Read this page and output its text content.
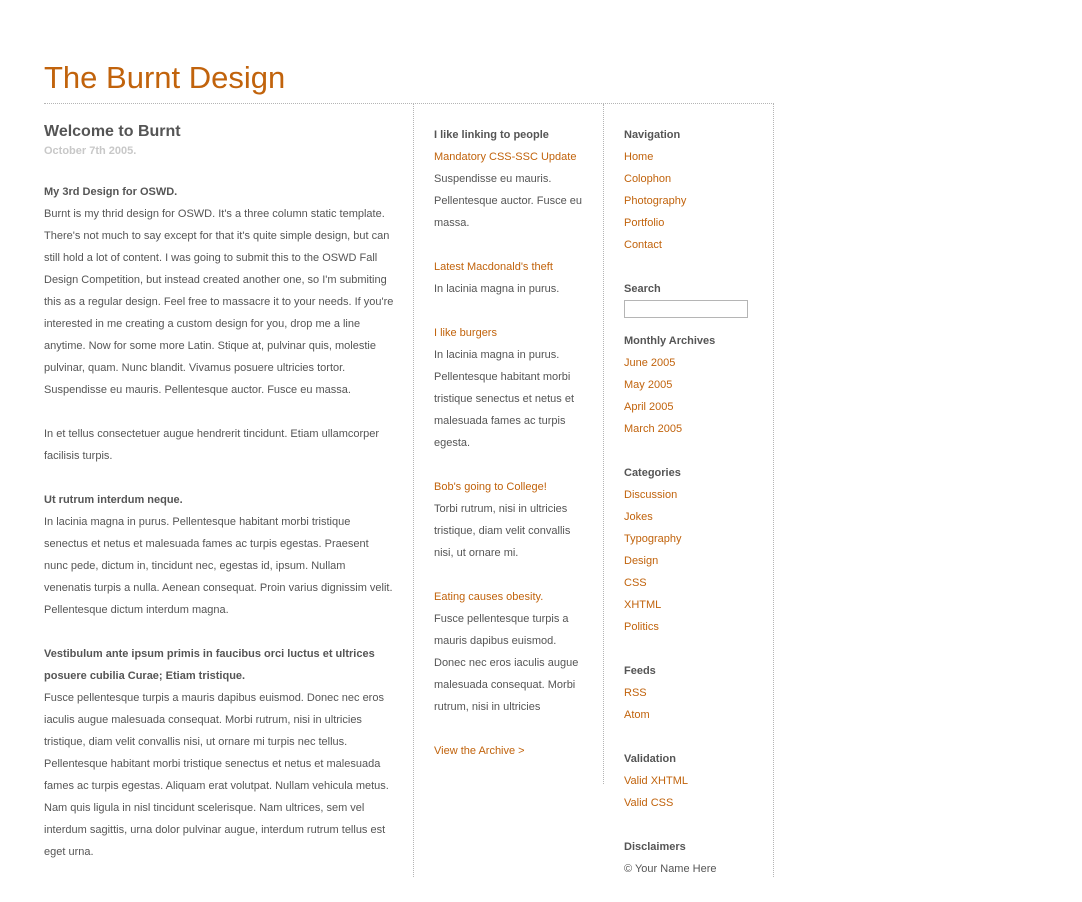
The Burnt Design
Welcome to Burnt
October 7th 2005.
My 3rd Design for OSWD.

Burnt is my thrid design for OSWD. It's a three column static template. There's not much to say except for that it's quite simple design, but can still hold a lot of content. I was going to submit this to the OSWD Fall Design Competition, but instead created another one, so I'm submiting this as a regular design. Feel free to massacre it to your needs. If you're interested in me creating a custom design for you, drop me a line anytime. Now for some more Latin. Stique at, pulvinar quis, molestie pulvinar, quam. Nunc blandit. Vivamus posuere ultricies tortor. Suspendisse eu mauris. Pellentesque auctor. Fusce eu massa.

In et tellus consectetuer augue hendrerit tincidunt. Etiam ullamcorper facilisis turpis.

Ut rutrum interdum neque.

In lacinia magna in purus. Pellentesque habitant morbi tristique senectus et netus et malesuada fames ac turpis egestas. Praesent nunc pede, dictum in, tincidunt nec, egestas id, ipsum. Nullam venenatis turpis a nulla. Aenean consequat. Proin varius dignissim velit. Pellentesque dictum interdum magna.

Vestibulum ante ipsum primis in faucibus orci luctus et ultrices posuere cubilia Curae; Etiam tristique.

Fusce pellentesque turpis a mauris dapibus euismod. Donec nec eros iaculis augue malesuada consequat. Morbi rutrum, nisi in ultricies tristique, diam velit convallis nisi, ut ornare mi turpis nec tellus. Pellentesque habitant morbi tristique senectus et netus et malesuada fames ac turpis egestas. Aliquam erat volutpat. Nullam vehicula metus. Nam quis ligula in nisl tincidunt scelerisque. Nam ultrices, sem vel interdum sagittis, urna dolor pulvinar augue, interdum rutrum tellus est eget urna.

I like linking to people
Mandatory CSS-SSC Update
Suspendisse eu mauris. Pellentesque auctor. Fusce eu massa.
Latest Macdonald's theft
In lacinia magna in purus.
I like burgers
In lacinia magna in purus. Pellentesque habitant morbi tristique senectus et netus et malesuada fames ac turpis egesta.
Bob's going to College!
Torbi rutrum, nisi in ultricies tristique, diam velit convallis nisi, ut ornare mi.
Eating causes obesity.
Fusce pellentesque turpis a mauris dapibus euismod. Donec nec eros iaculis augue malesuada consequat. Morbi rutrum, nisi in ultricies
View the Archive >
Navigation
Home
Colophon
Photography
Portfolio
Contact
Search
Monthly Archives
June 2005
May 2005
April 2005
March 2005
Categories
Discussion
Jokes
Typography
Design
CSS
XHTML
Politics
Feeds
RSS
Atom
Validation
Valid XHTML
Valid CSS
Disclaimers
© Your Name Here
